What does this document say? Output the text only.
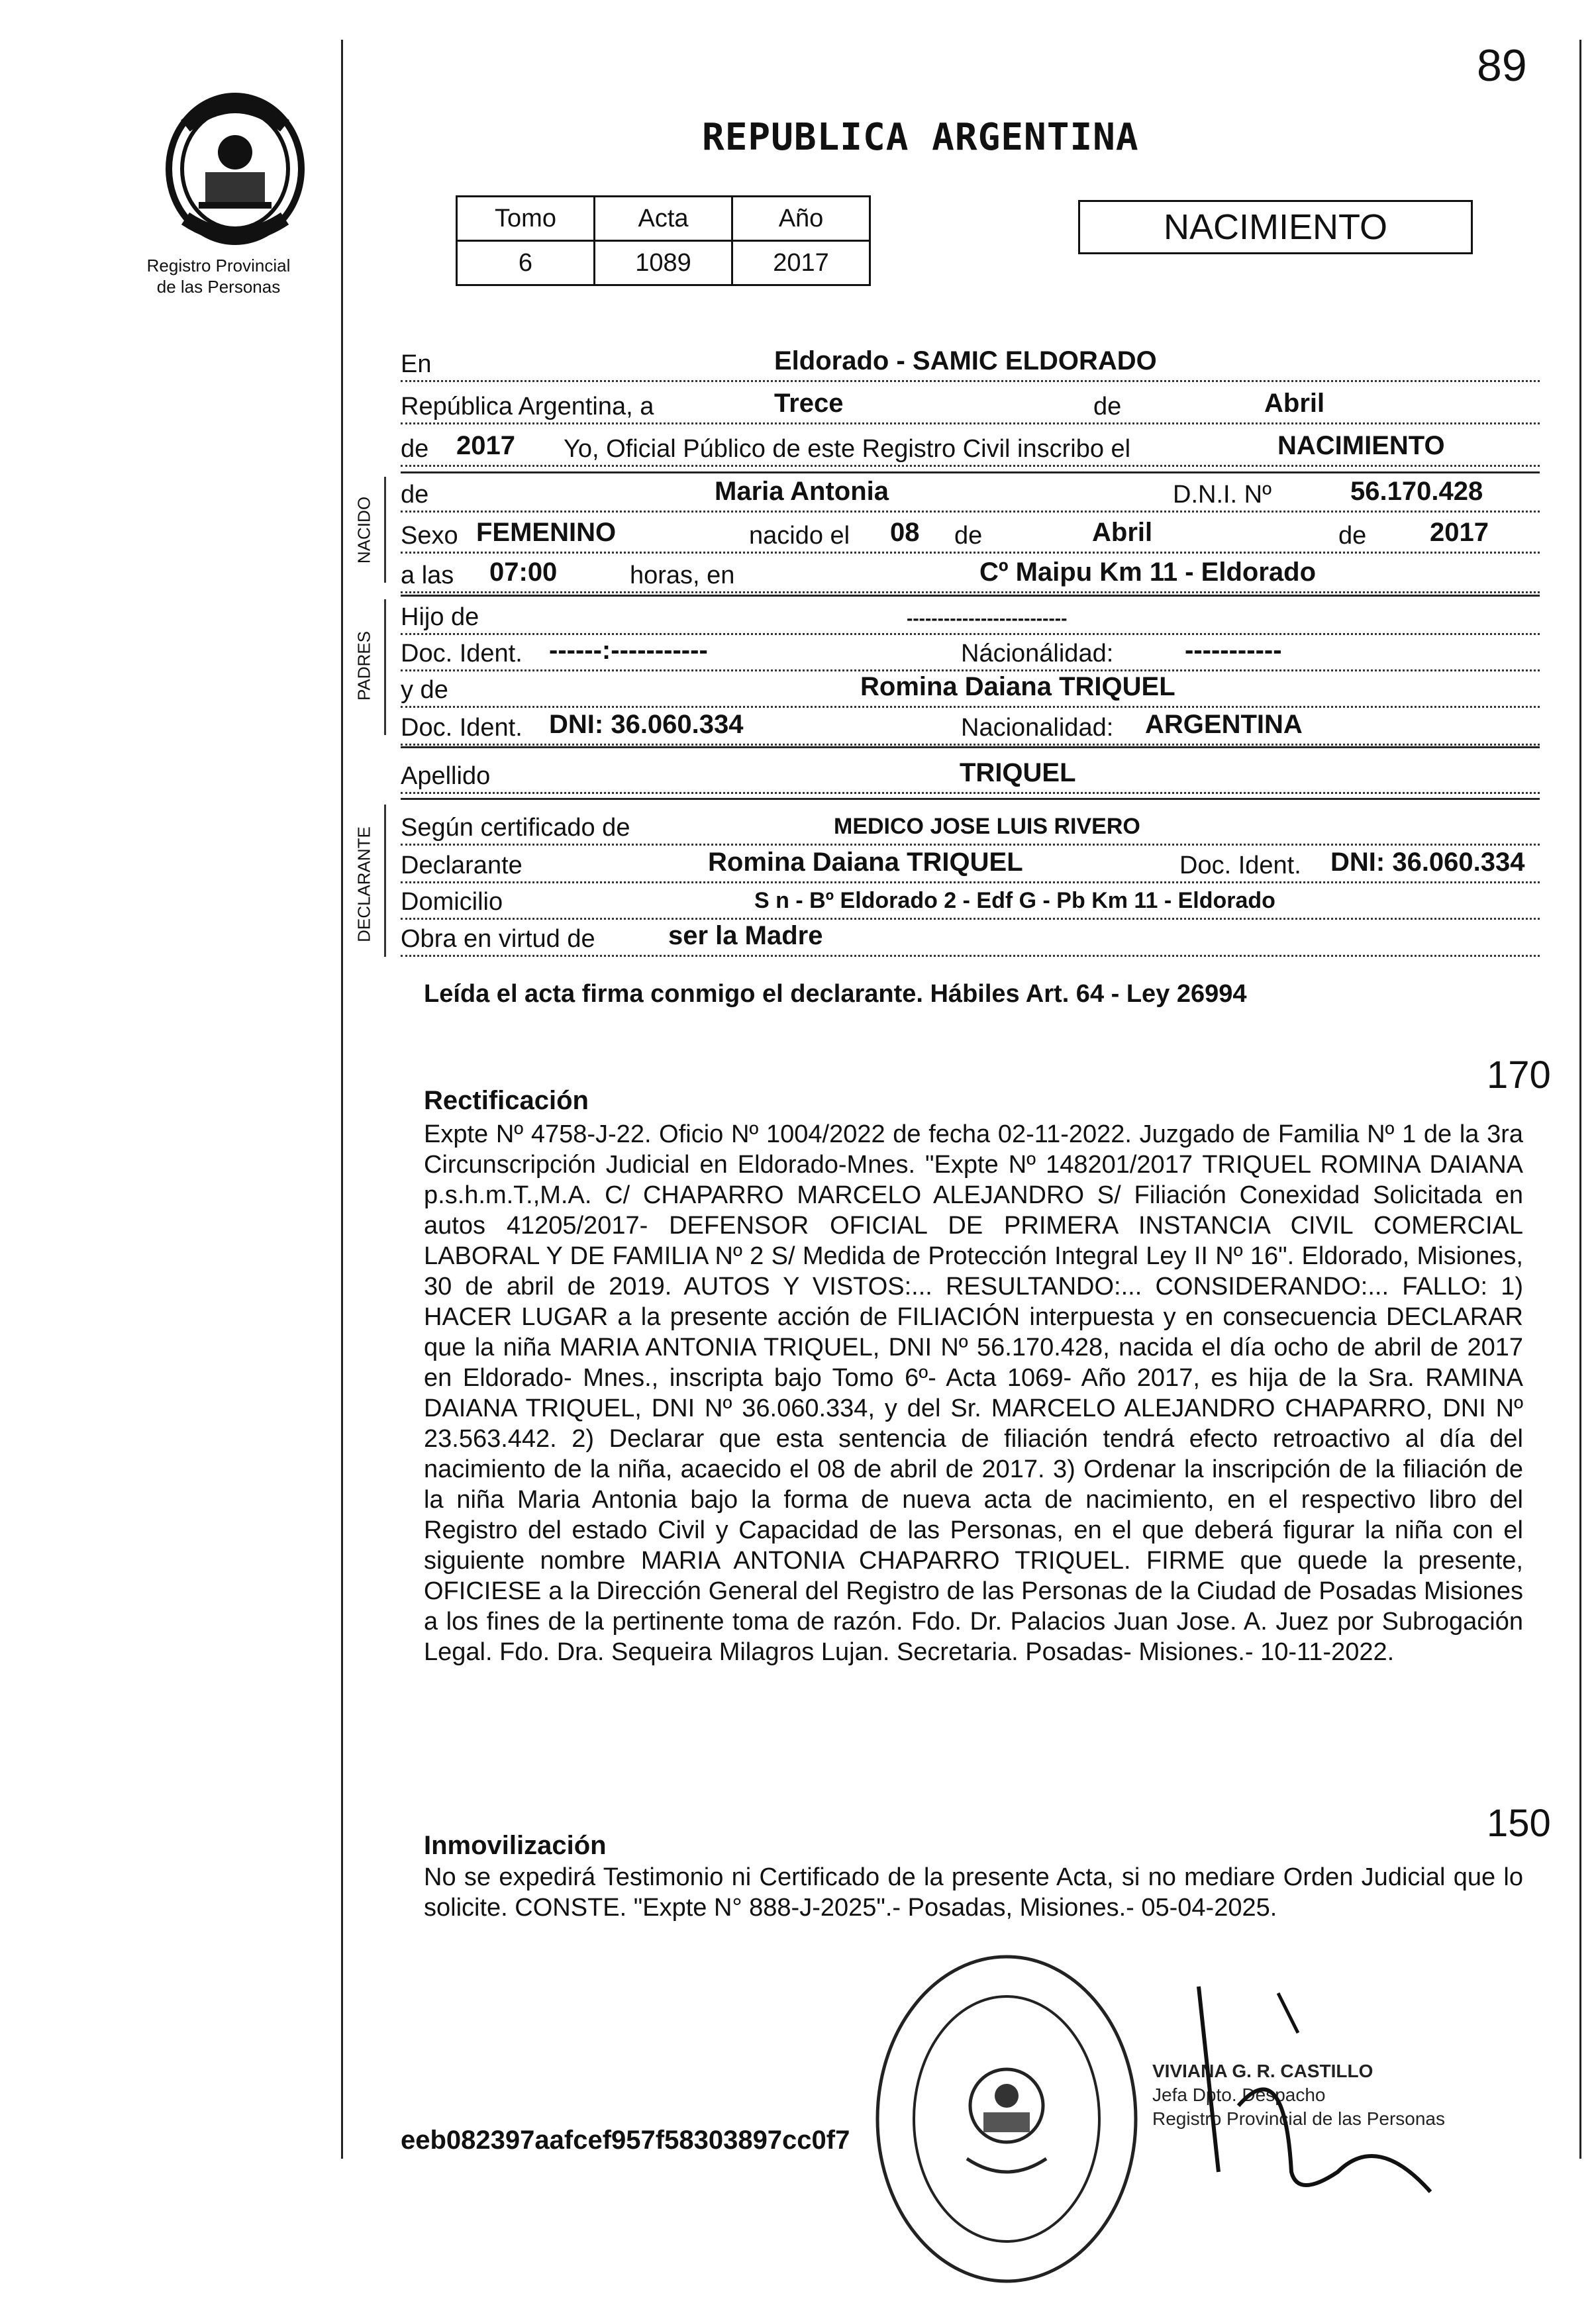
89
Registro Provincial
de las Personas
REPUBLICA ARGENTINA
Tomo	Acta	Año
6	1089	2017
NACIMIENTO
En	Eldorado - SAMIC ELDORADO
República Argentina, a	Trece	de	Abril
de 2017 Yo, Oficial Público de este Registro Civil inscribo el	NACIMIENTO
NACIDO
de	Maria Antonia	D.N.I. Nº	56.170.428
Sexo FEMENINO	nacido el 08 de	Abril	de 2017
a las 07:00	horas, en	Cº Maipu Km 11 - Eldorado
PADRES
Hijo de	--------------------------
Doc. Ident. ------:-----------	Nácionálidad:	-----------
y de	Romina Daiana TRIQUEL
Doc. Ident. DNI: 36.060.334	Nacionalidad: ARGENTINA
Apellido	TRIQUEL
DECLARANTE Según certificado de	MEDICO JOSE LUIS RIVERO
Declarante	Romina Daiana TRIQUEL	Doc. Ident. DNI: 36.060.334
Domicilio	S n - Bº Eldorado 2 - Edf G - Pb Km 11 - Eldorado
Obra en virtud de	ser la Madre
Leída el acta firma conmigo el declarante. Hábiles Art. 64 - Ley 26994
170
Rectificación
Expte Nº 4758-J-22. Oficio Nº 1004/2022 de fecha 02-11-2022. Juzgado de Familia Nº 1 de la 3ra Circunscripción Judicial en Eldorado-Mnes. "Expte Nº 148201/2017 TRIQUEL ROMINA DAIANA p.s.h.m.T.,M.A. C/ CHAPARRO MARCELO ALEJANDRO S/ Filiación Conexidad Solicitada en autos 41205/2017- DEFENSOR OFICIAL DE PRIMERA INSTANCIA CIVIL COMERCIAL LABORAL Y DE FAMILIA Nº 2 S/ Medida de Protección Integral Ley II Nº 16". Eldorado, Misiones, 30 de abril de 2019. AUTOS Y VISTOS:... RESULTANDO:... CONSIDERANDO:... FALLO: 1) HACER LUGAR a la presente acción de FILIACIÓN interpuesta y en consecuencia DECLARAR que la niña MARIA ANTONIA TRIQUEL, DNI Nº 56.170.428, nacida el día ocho de abril de 2017 en Eldorado- Mnes., inscripta bajo Tomo 6º- Acta 1069- Año 2017, es hija de la Sra. RAMINA DAIANA TRIQUEL, DNI Nº 36.060.334, y del Sr. MARCELO ALEJANDRO CHAPARRO, DNI Nº 23.563.442. 2) Declarar que esta sentencia de filiación tendrá efecto retroactivo al día del nacimiento de la niña, acaecido el 08 de abril de 2017. 3) Ordenar la inscripción de la filiación de la niña Maria Antonia bajo la forma de nueva acta de nacimiento, en el respectivo libro del Registro del estado Civil y Capacidad de las Personas, en el que deberá figurar la niña con el siguiente nombre MARIA ANTONIA CHAPARRO TRIQUEL. FIRME que quede la presente, OFICIESE a la Dirección General del Registro de las Personas de la Ciudad de Posadas Misiones a los fines de la pertinente toma de razón. Fdo. Dr. Palacios Juan Jose. A. Juez por Subrogación Legal. Fdo. Dra. Sequeira Milagros Lujan. Secretaria. Posadas- Misiones.- 10-11-2022.
150
Inmovilización
No se expedirá Testimonio ni Certificado de la presente Acta, si no mediare Orden Judicial que lo solicite. CONSTE. "Expte N° 888-J-2025".- Posadas, Misiones.- 05-04-2025.
VIVIANA G. R. CASTILLO
Jefa Dpto. Despacho
Registro Provincial de las Personas
eeb082397aafcef957f58303897cc0f7
